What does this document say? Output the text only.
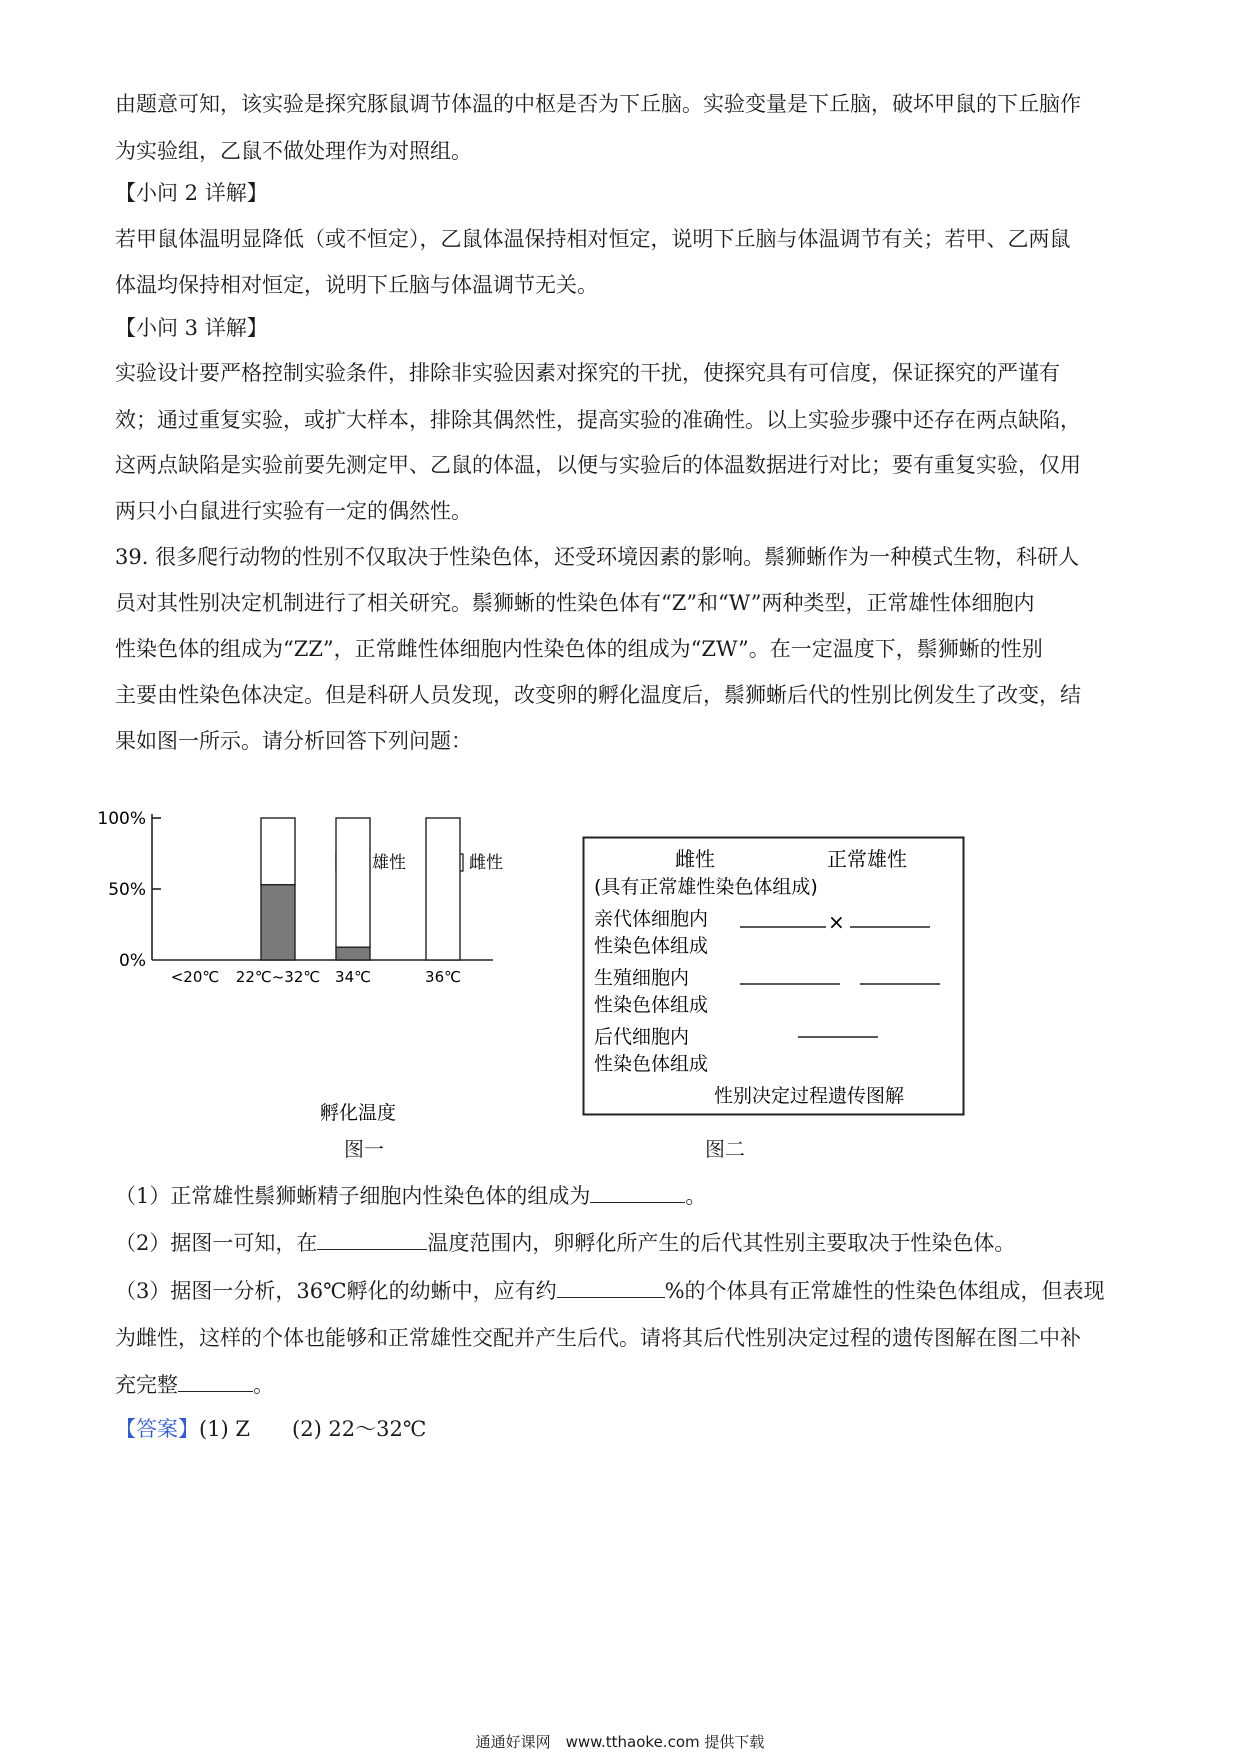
由题意可知，该实验是探究豚鼠调节体温的中枢是否为下丘脑。实验变量是下丘脑，破坏甲鼠的下丘脑作
为实验组，乙鼠不做处理作为对照组。
【小问 2 详解】
若甲鼠体温明显降低（或不恒定），乙鼠体温保持相对恒定，说明下丘脑与体温调节有关；若甲、乙两鼠
体温均保持相对恒定，说明下丘脑与体温调节无关。
【小问 3 详解】
实验设计要严格控制实验条件，排除非实验因素对探究的干扰，使探究具有可信度，保证探究的严谨有
效；通过重复实验，或扩大样本，排除其偶然性，提高实验的准确性。以上实验步骤中还存在两点缺陷，
这两点缺陷是实验前要先测定甲、乙鼠的体温，以便与实验后的体温数据进行对比；要有重复实验，仅用
两只小白鼠进行实验有一定的偶然性。
39. 很多爬行动物的性别不仅取决于性染色体，还受环境因素的影响。鬃狮蜥作为一种模式生物，科研人
员对其性别决定机制进行了相关研究。鬃狮蜥的性染色体有“Z”和“W”两种类型，正常雄性体细胞内
性染色体的组成为“ZZ”，正常雌性体细胞内性染色体的组成为“ZW”。在一定温度下，鬃狮蜥的性别
主要由性染色体决定。但是科研人员发现，改变卵的孵化温度后，鬃狮蜥后代的性别比例发生了改变，结
果如图一所示。请分析回答下列问题：
雄性	雌性
<20℃ 22℃~32℃ 34℃	36℃
0%
50%
100%
孵化温度
图一
雌性	正常雄性
(具有正常雄性染色体组成)
亲代体细胞内
性染色体组成
×
生殖细胞内
性染色体组成
后代细胞内
性染色体组成
性别决定过程遗传图解
图二
（1）正常雄性鬃狮蜥精子细胞内性染色体的组成为	。
（2）据图一可知，在	温度范围内，卵孵化所产生的后代其性别主要取决于性染色体。
（3）据图一分析，36℃孵化的幼蜥中，应有约	%的个体具有正常雄性的性染色体组成，但表现
为雌性，这样的个体也能够和正常雄性交配并产生后代。请将其后代性别决定过程的遗传图解在图二中补
充完整	。
【答案】(1) Z　　(2) 22～32℃
通通好课网　www.tthaoke.com 提供下载
